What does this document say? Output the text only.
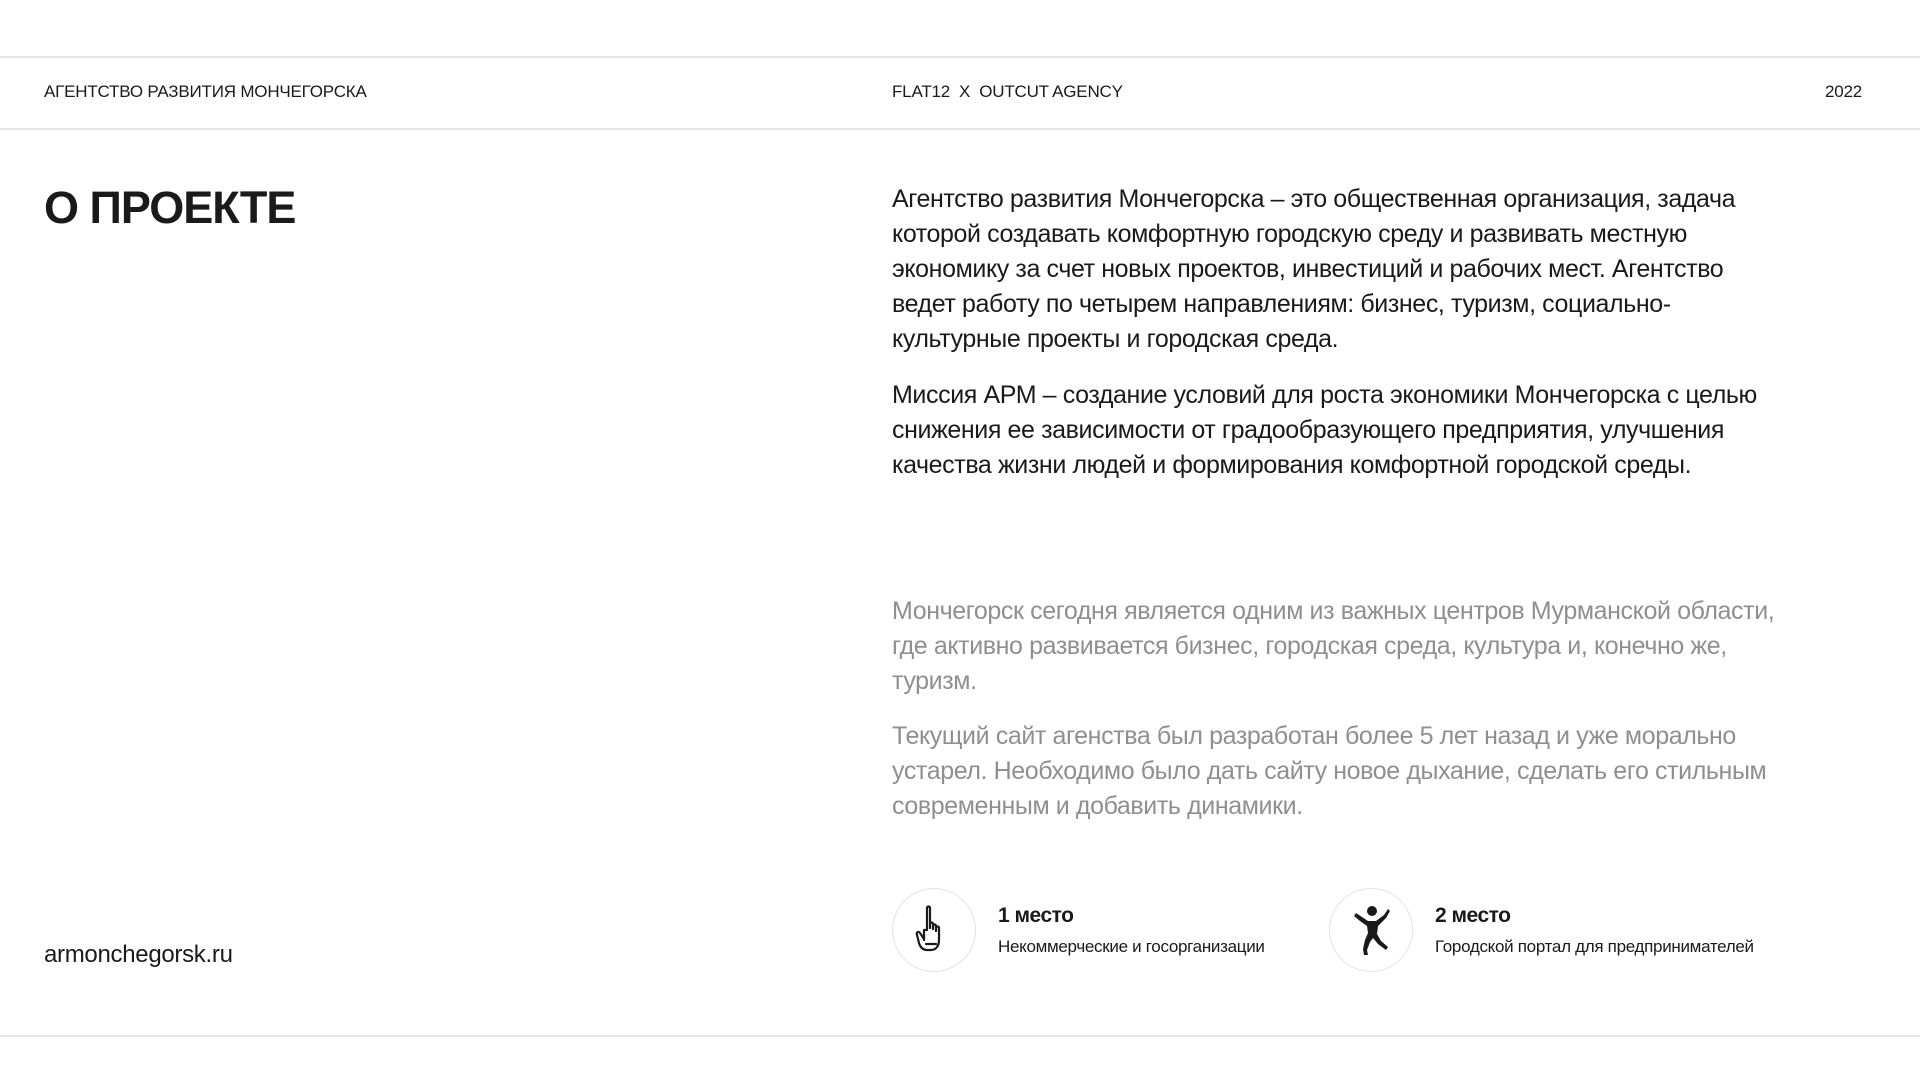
АГЕНТСТВО РАЗВИТИЯ МОНЧЕГОРСКА	FLAT12  X  OUTCUT AGENCY	2022
О ПРОЕКТЕ	Агентство развития Мончегорска – это общественная организация, задача которой создавать комфортную городскую среду и развивать местную экономику за счет новых проектов, инвестиций и рабочих мест. Агентство ведет работу по четырем направлениям: бизнес, туризм, социально-культурные проекты и городская среда.

Миссия АРМ – создание условий для роста экономики Мончегорска с целью снижения ее зависимости от градообразующего предприятия, улучшения качества жизни людей и формирования комфортной городской среды.

Мончегорск сегодня является одним из важных центров Мурманской области, где активно развивается бизнес, городская среда, культура и, конечно же, туризм.

Текущий сайт агенства был разработан более 5 лет назад и уже морально устарел. Необходимо было дать сайту новое дыхание, сделать его стильным современным и добавить динамики.

armonchegorsk.ru
1 место
Некоммерческие и госорганизации
2 место
Городской портал для предпринимателей
